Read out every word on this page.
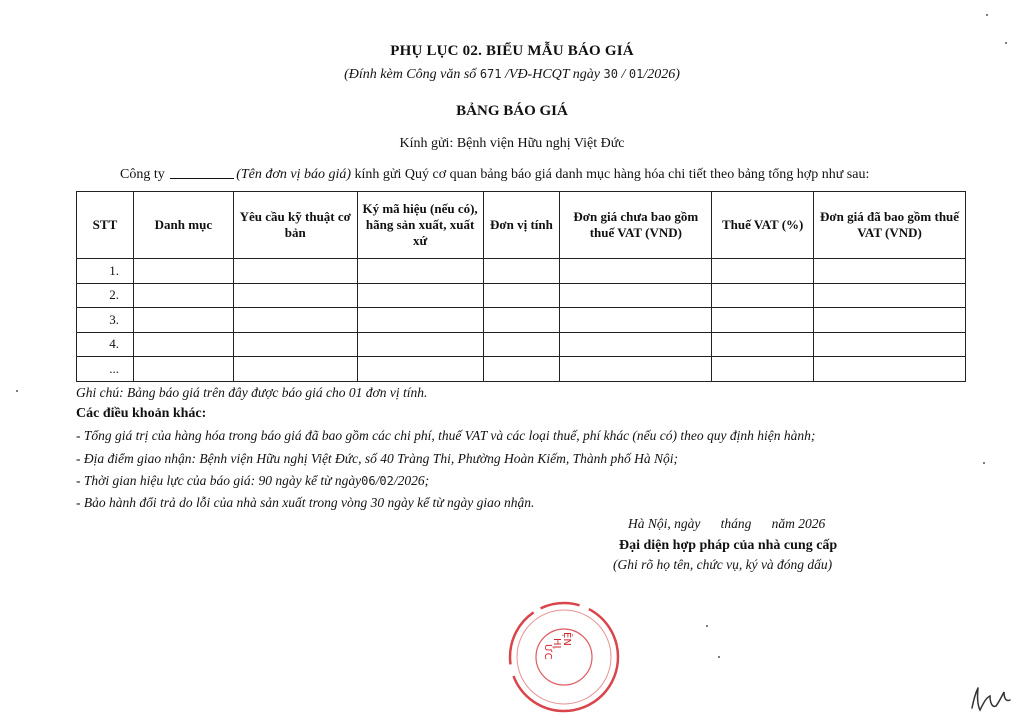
PHỤ LỤC 02. BIỂU MẪU BÁO GIÁ
(Đính kèm Công văn số 671 /VĐ-HCQT ngày 30 / 01/2026)
BẢNG BÁO GIÁ
Kính gửi: Bệnh viện Hữu nghị Việt Đức
Công ty	(Tên đơn vị báo giá) kính gửi Quý cơ quan bảng báo giá danh mục hàng hóa chi tiết theo bảng tổng hợp như sau:
STT	Danh mục	Yêu cầu kỹ thuật cơ bản	Ký mã hiệu (nếu có), hãng sản xuất, xuất xứ	Đơn vị tính	Đơn giá chưa bao gồm thuế VAT (VND)	Thuế VAT (%)	Đơn giá đã bao gồm thuế VAT (VND)
1.							
2.							
3.							
4.							
...							
Ghi chú: Bảng báo giá trên đây được báo giá cho 01 đơn vị tính.
Các điều khoản khác:
- Tổng giá trị của hàng hóa trong báo giá đã bao gồm các chi phí, thuế VAT và các loại thuế, phí khác (nếu có) theo quy định hiện hành;
- Địa điểm giao nhận: Bệnh viện Hữu nghị Việt Đức, số 40 Tràng Thi, Phường Hoàn Kiếm, Thành phố Hà Nội;
- Thời gian hiệu lực của báo giá: 90 ngày kể từ ngày06/02/2026;
- Bảo hành đổi trả do lỗi của nhà sản xuất trong vòng 30 ngày kể từ ngày giao nhận.
Hà Nội, ngày      tháng      năm 2026
Đại diện hợp pháp của nhà cung cấp
(Ghi rõ họ tên, chức vụ, ký và đóng dấu)
ỆN
HỊ
ỨC
